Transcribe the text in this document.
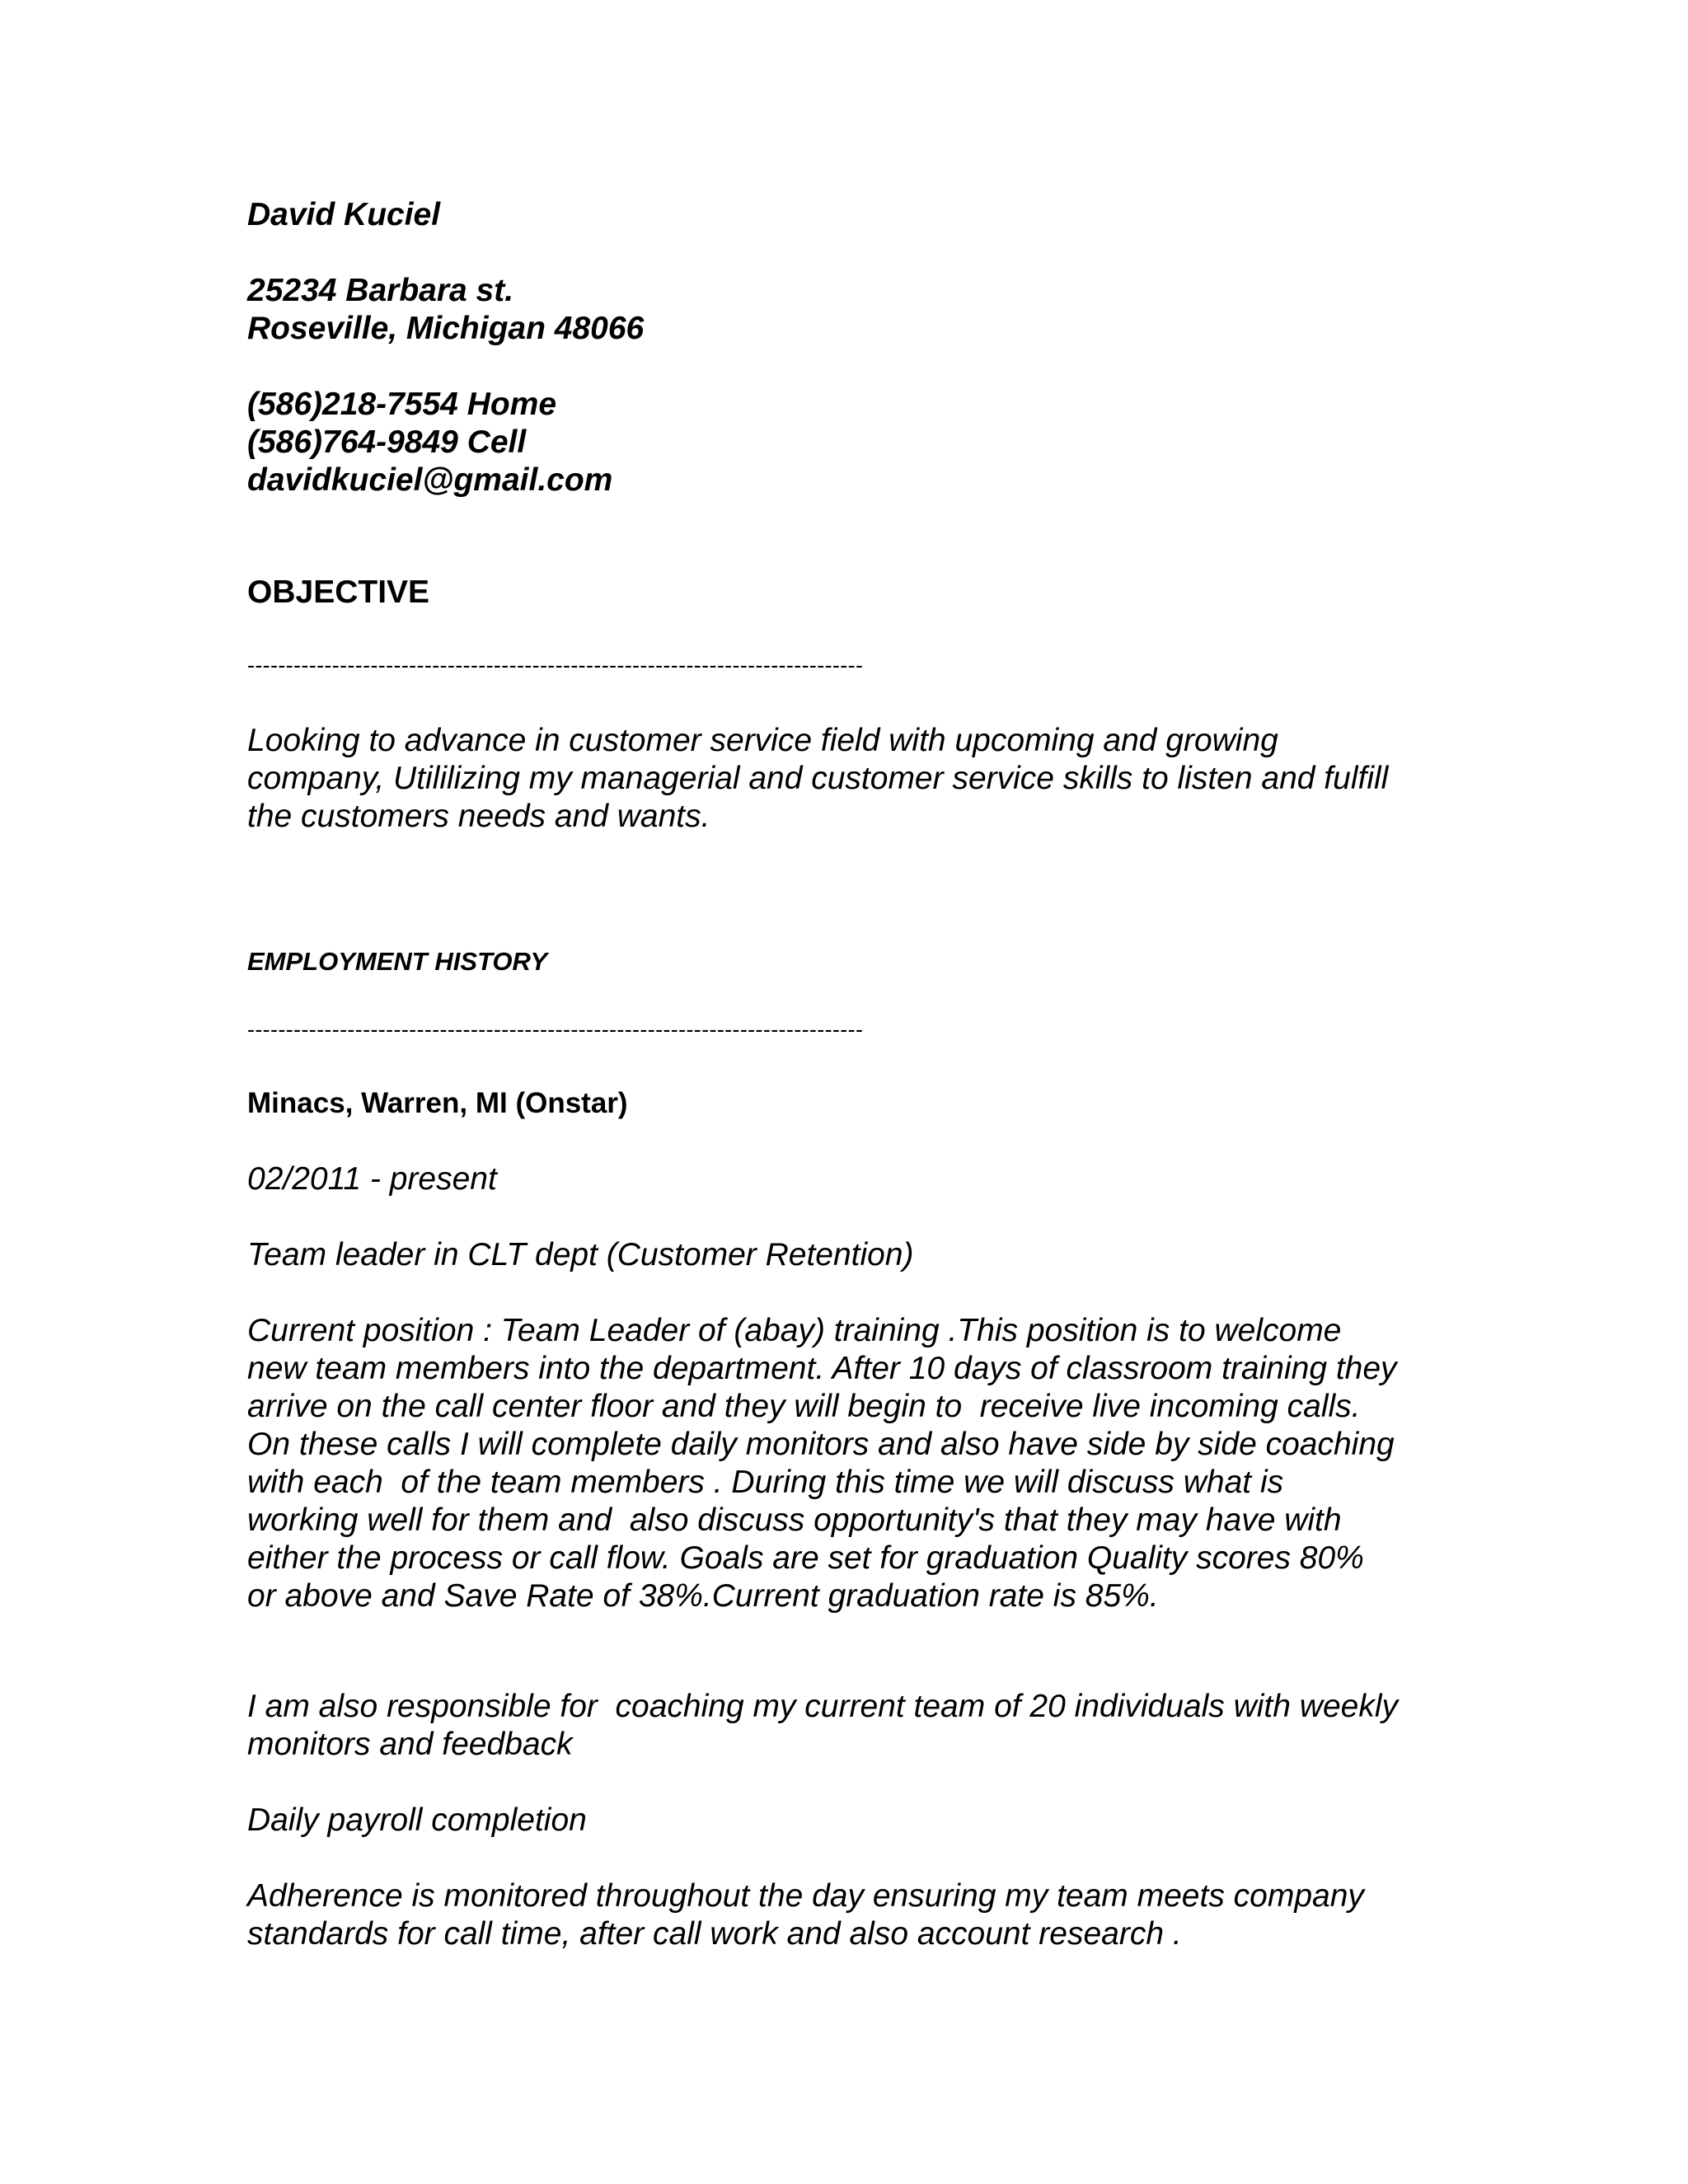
David Kuciel

25234 Barbara st.

Roseville, Michigan 48066

(586)218-7554 Home

(586)764-9849 Cell

davidkuciel@gmail.com

OBJECTIVE

--------------------------------------------------------------------------------

Looking to advance in customer service field with upcoming and growing

company, Utililizing my managerial and customer service skills to listen and fulfill

the customers needs and wants.

EMPLOYMENT HISTORY

--------------------------------------------------------------------------------

Minacs, Warren, MI (Onstar)

02/2011 - present

Team leader in CLT dept (Customer Retention)

Current position : Team Leader of (abay) training .This position is to welcome

new team members into the department. After 10 days of classroom training they

arrive on the call center floor and they will begin to  receive live incoming calls.

On these calls I will complete daily monitors and also have side by side coaching

with each  of the team members . During this time we will discuss what is

working well for them and  also discuss opportunity's that they may have with

either the process or call flow. Goals are set for graduation Quality scores 80%

or above and Save Rate of 38%.Current graduation rate is 85%.

I am also responsible for  coaching my current team of 20 individuals with weekly

monitors and feedback

Daily payroll completion

Adherence is monitored throughout the day ensuring my team meets company

standards for call time, after call work and also account research .
